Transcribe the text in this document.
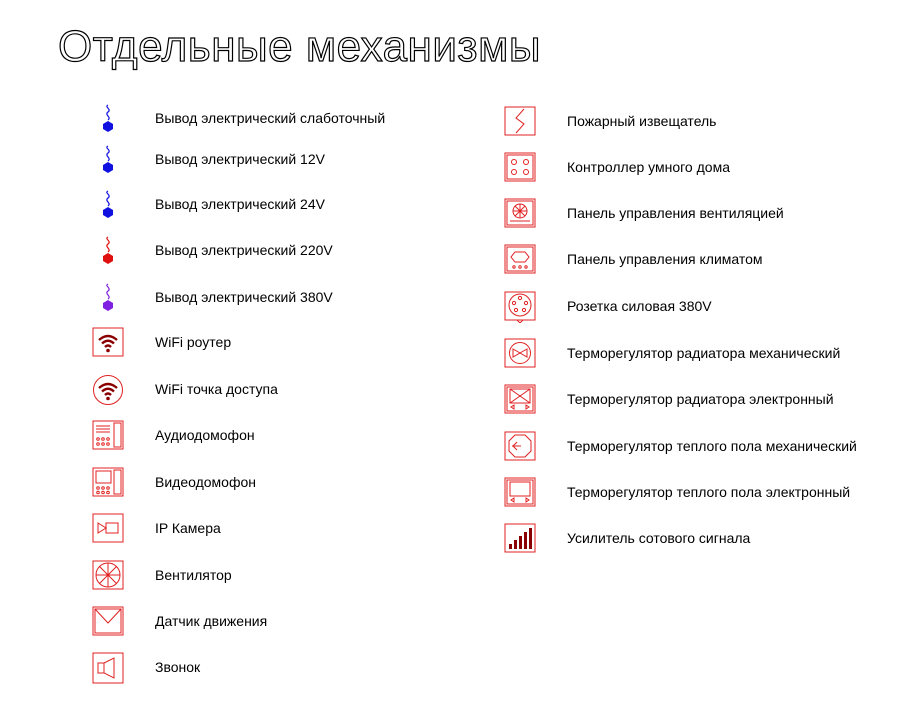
Отдельные механизмы
Вывод электрический слаботочный
Вывод электрический 12V
Вывод электрический 24V
Вывод электрический 220V
Вывод электрический 380V
WiFi роутер
WiFi точка доступа
Аудиодомофон
Видеодомофон
IP Камера
Вентилятор
Датчик движения
Звонок
Пожарный извещатель
Контроллер умного дома
Панель управления вентиляцией
Панель управления климатом
Розетка силовая 380V
Терморегулятор радиатора механический
Терморегулятор радиатора электронный
Терморегулятор теплого пола механический
Терморегулятор теплого пола электронный
Усилитель сотового сигнала
